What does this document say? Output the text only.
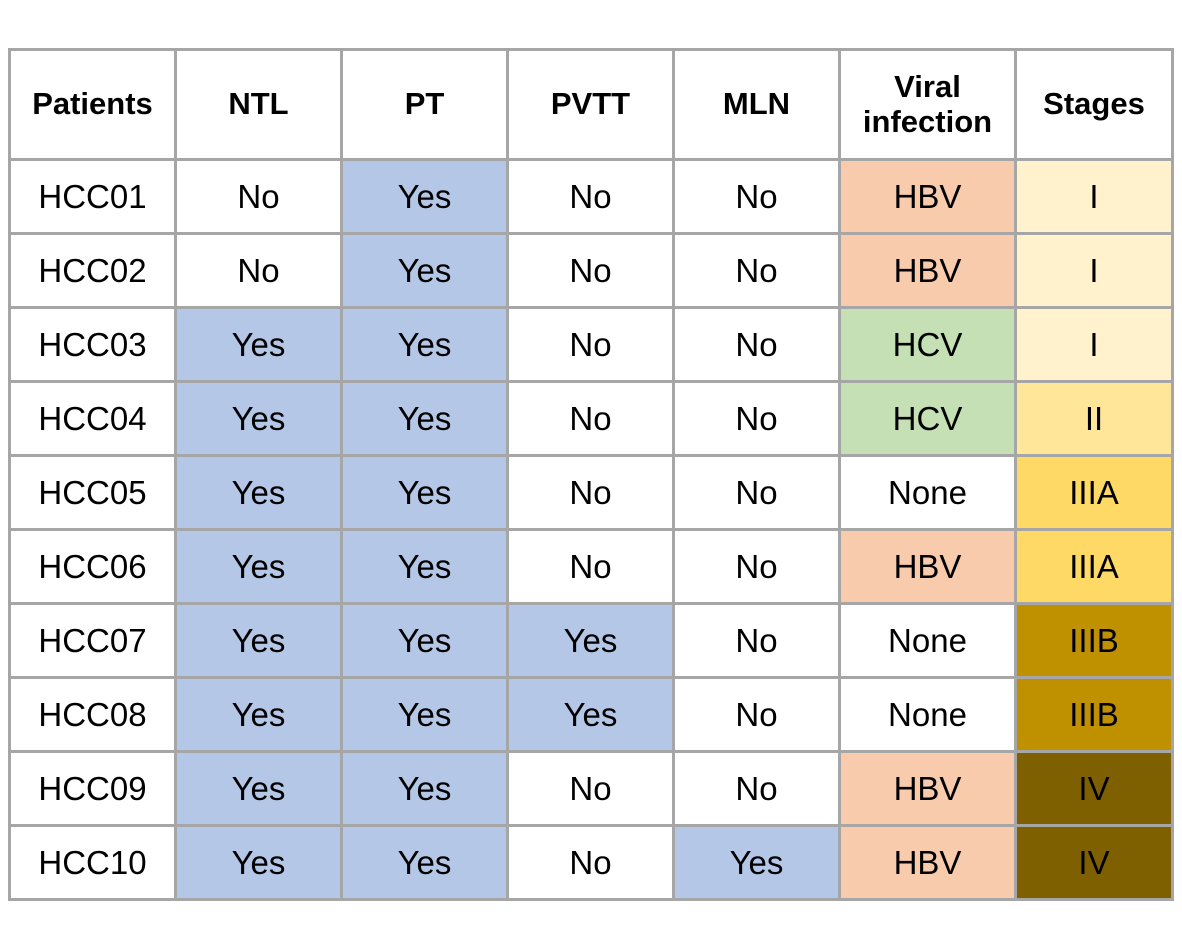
Patients	NTL	PT	PVTT	MLN	Viral infection	Stages
HCC01	No	Yes	No	No	HBV	I
HCC02	No	Yes	No	No	HBV	I
HCC03	Yes	Yes	No	No	HCV	I
HCC04	Yes	Yes	No	No	HCV	II
HCC05	Yes	Yes	No	No	None	IIIA
HCC06	Yes	Yes	No	No	HBV	IIIA
HCC07	Yes	Yes	Yes	No	None	IIIB
HCC08	Yes	Yes	Yes	No	None	IIIB
HCC09	Yes	Yes	No	No	HBV	IV
HCC10	Yes	Yes	No	Yes	HBV	IV
